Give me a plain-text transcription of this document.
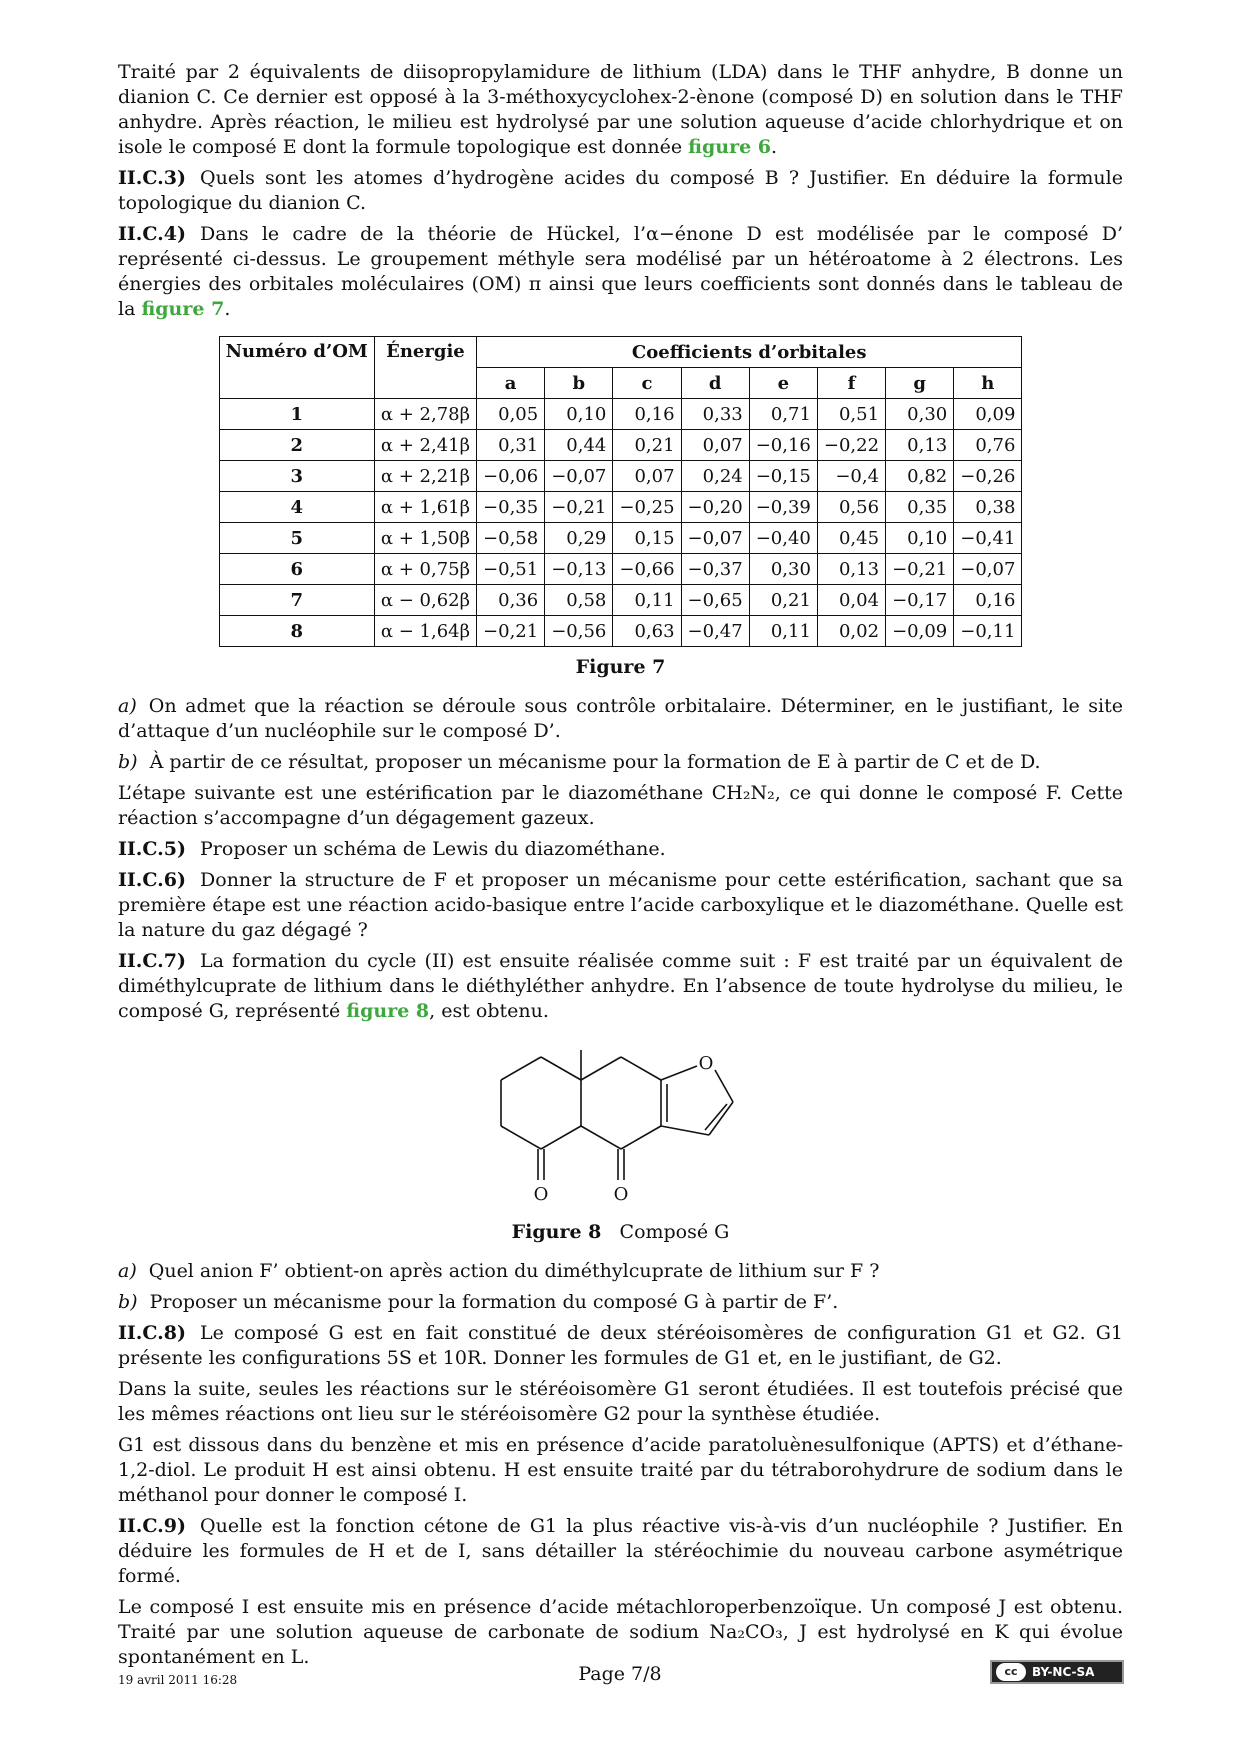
Traité par 2 équivalents de diisopropylamidure de lithium (LDA) dans le THF anhydre, B donne un dianion C. Ce dernier est opposé à la 3-méthoxycyclohex-2-ènone (composé D) en solution dans le THF anhydre. Après réaction, le milieu est hydrolysé par une solution aqueuse d’acide chlorhydrique et on isole le composé E dont la formule topologique est donnée figure 6.

II.C.3) Quels sont les atomes d’hydrogène acides du composé B ? Justifier. En déduire la formule topologique du dianion C.

II.C.4) Dans le cadre de la théorie de Hückel, l’α−énone D est modélisée par le composé D’ représenté ci-dessus. Le groupement méthyle sera modélisé par un hétéroatome à 2 électrons. Les énergies des orbitales moléculaires (OM) π ainsi que leurs coefficients sont donnés dans le tableau de la figure 7.

Numéro d’OM	Énergie	Coefficients d’orbitales							
		a	b	c	d	e	f	g	h
1	α + 2,78β	0,05	0,10	0,16	0,33	0,71	0,51	0,30	0,09
2	α + 2,41β	0,31	0,44	0,21	0,07	−0,16	−0,22	0,13	0,76
3	α + 2,21β	−0,06	−0,07	0,07	0,24	−0,15	−0,4	0,82	−0,26
4	α + 1,61β	−0,35	−0,21	−0,25	−0,20	−0,39	0,56	0,35	0,38
5	α + 1,50β	−0,58	0,29	0,15	−0,07	−0,40	0,45	0,10	−0,41
6	α + 0,75β	−0,51	−0,13	−0,66	−0,37	0,30	0,13	−0,21	−0,07
7	α − 0,62β	0,36	0,58	0,11	−0,65	0,21	0,04	−0,17	0,16
8	α − 1,64β	−0,21	−0,56	0,63	−0,47	0,11	0,02	−0,09	−0,11
Figure 7

a) On admet que la réaction se déroule sous contrôle orbitalaire. Déterminer, en le justifiant, le site d’attaque d’un nucléophile sur le composé D’.

b) À partir de ce résultat, proposer un mécanisme pour la formation de E à partir de C et de D.

L’étape suivante est une estérification par le diazométhane CH₂N₂, ce qui donne le composé F. Cette réaction s’accompagne d’un dégagement gazeux.

II.C.5) Proposer un schéma de Lewis du diazométhane.

II.C.6) Donner la structure de F et proposer un mécanisme pour cette estérification, sachant que sa première étape est une réaction acido-basique entre l’acide carboxylique et le diazométhane. Quelle est la nature du gaz dégagé ?

II.C.7) La formation du cycle (II) est ensuite réalisée comme suit : F est traité par un équivalent de diméthylcuprate de lithium dans le diéthyléther anhydre. En l’absence de toute hydrolyse du milieu, le composé G, représenté figure 8, est obtenu.

O
O	O
Figure 8 Composé G

a) Quel anion F’ obtient-on après action du diméthylcuprate de lithium sur F ?

b) Proposer un mécanisme pour la formation du composé G à partir de F’.

II.C.8) Le composé G est en fait constitué de deux stéréoisomères de configuration G1 et G2. G1 présente les configurations 5S et 10R. Donner les formules de G1 et, en le justifiant, de G2.

Dans la suite, seules les réactions sur le stéréoisomère G1 seront étudiées. Il est toutefois précisé que les mêmes réactions ont lieu sur le stéréoisomère G2 pour la synthèse étudiée.

G1 est dissous dans du benzène et mis en présence d’acide paratoluènesulfonique (APTS) et d’éthane-1,2-diol. Le produit H est ainsi obtenu. H est ensuite traité par du tétraborohydrure de sodium dans le méthanol pour donner le composé I.

II.C.9) Quelle est la fonction cétone de G1 la plus réactive vis-à-vis d’un nucléophile ? Justifier. En déduire les formules de H et de I, sans détailler la stéréochimie du nouveau carbone asymétrique formé.

Le composé I est ensuite mis en présence d’acide métachloroperbenzoïque. Un composé J est obtenu. Traité par une solution aqueuse de carbonate de sodium Na₂CO₃, J est hydrolysé en K qui évolue spontanément en L.

19 avril 2011 16:28	Page 7/8	cc	BY-NC-SA
